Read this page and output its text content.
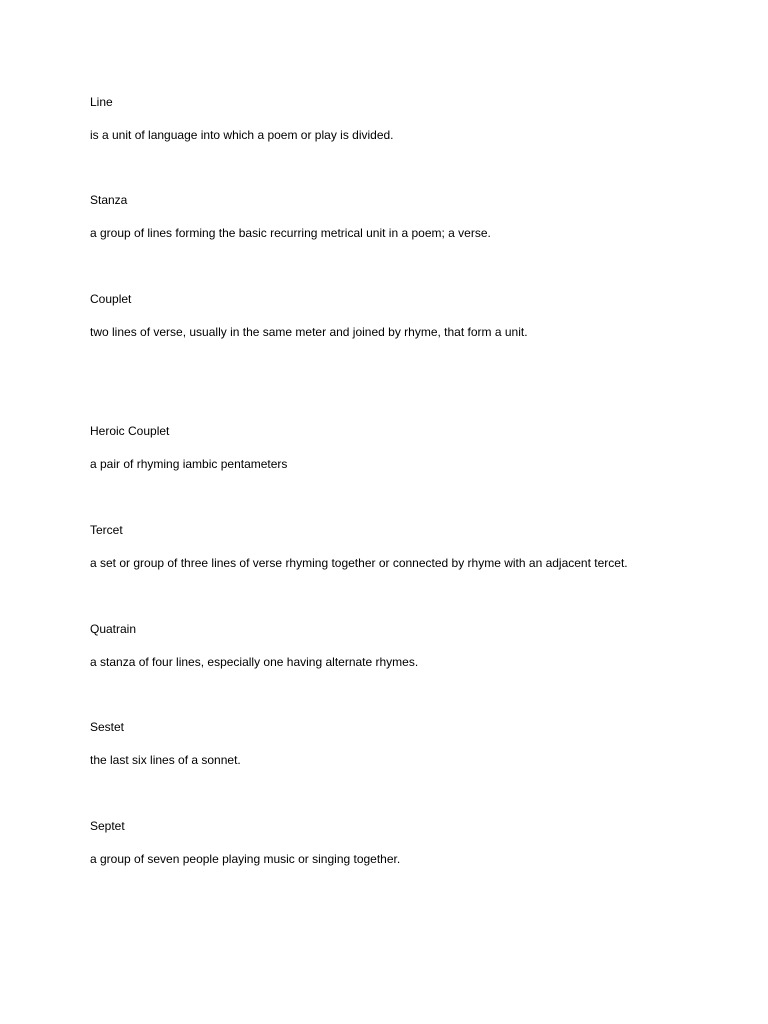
Line

is a unit of language into which a poem or play is divided.

Stanza

a group of lines forming the basic recurring metrical unit in a poem; a verse.

Couplet

two lines of verse, usually in the same meter and joined by rhyme, that form a unit.

Heroic Couplet

a pair of rhyming iambic pentameters

Tercet

a set or group of three lines of verse rhyming together or connected by rhyme with an adjacent tercet.

Quatrain

a stanza of four lines, especially one having alternate rhymes.

Sestet

the last six lines of a sonnet.

Septet

a group of seven people playing music or singing together.
